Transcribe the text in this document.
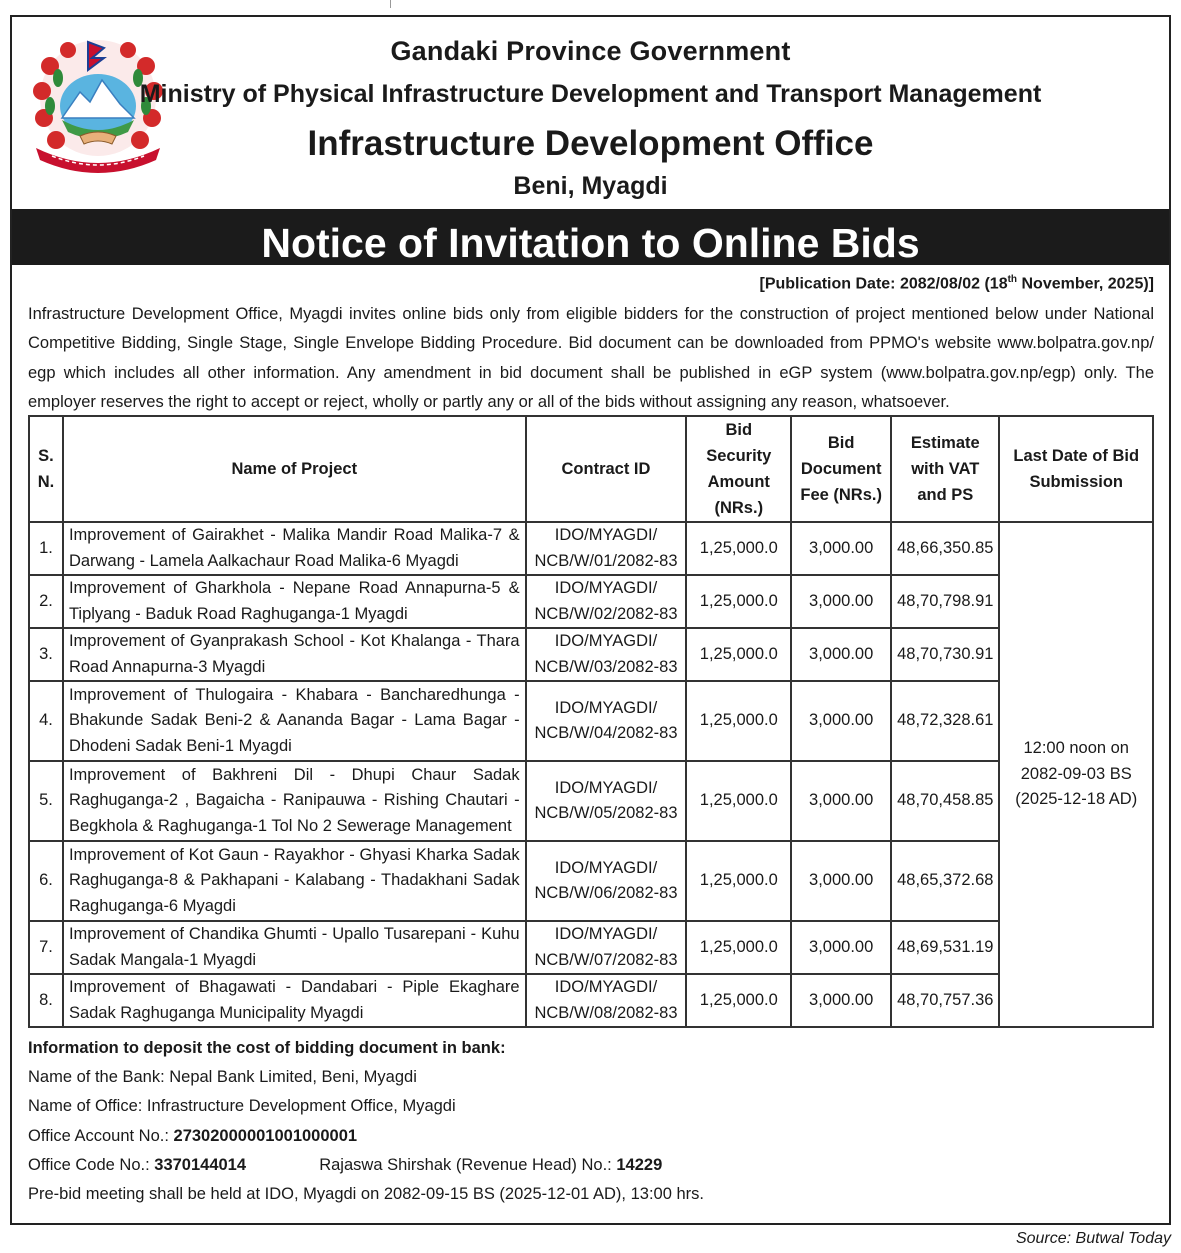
Gandaki Province Government
Ministry of Physical Infrastructure Development and Transport Management
Infrastructure Development Office
Beni, Myagdi
Notice of Invitation to Online Bids
[Publication Date: 2082/08/02 (18th November, 2025)]
Infrastructure Development Office, Myagdi invites online bids only from eligible bidders for the construction of project mentioned below under National Competitive Bidding, Single Stage, Single Envelope Bidding Procedure. Bid document can be downloaded from PPMO's website www.bolpatra.gov.np/ egp which includes all other information. Any amendment in bid document shall be published in eGP system (www.bolpatra.gov.np/egp) only. The employer reserves the right to accept or reject, wholly or partly any or all of the bids without assigning any reason, whatsoever.
S. N.	Name of Project	Contract ID	Bid Security Amount (NRs.)	Bid Document Fee (NRs.)	Estimate with VAT and PS	Last Date of Bid Submission
1.	Improvement of Gairakhet - Malika Mandir Road Malika-7 & Darwang - Lamela Aalkachaur Road Malika-6 Myagdi	IDO/MYAGDI/
NCB/W/01/2082-83	1,25,000.0	3,000.00	48,66,350.85	12:00 noon on
2082-09-03 BS
(2025-12-18 AD)
2.	Improvement of Gharkhola - Nepane Road Annapurna-5 & Tiplyang - Baduk Road Raghuganga-1 Myagdi	IDO/MYAGDI/
NCB/W/02/2082-83	1,25,000.0	3,000.00	48,70,798.91	
3.	Improvement of Gyanprakash School - Kot Khalanga - Thara Road Annapurna-3 Myagdi	IDO/MYAGDI/
NCB/W/03/2082-83	1,25,000.0	3,000.00	48,70,730.91	
4.	Improvement of Thulogaira - Khabara - Bancharedhunga - Bhakunde Sadak Beni-2 & Aananda Bagar - Lama Bagar - Dhodeni Sadak Beni-1 Myagdi	IDO/MYAGDI/
NCB/W/04/2082-83	1,25,000.0	3,000.00	48,72,328.61	
5.	Improvement of Bakhreni Dil - Dhupi Chaur Sadak Raghuganga-2 , Bagaicha - Ranipauwa - Rishing Chautari - Begkhola & Raghuganga-1 Tol No 2 Sewerage Management	IDO/MYAGDI/
NCB/W/05/2082-83	1,25,000.0	3,000.00	48,70,458.85	
6.	Improvement of Kot Gaun - Rayakhor - Ghyasi Kharka Sadak Raghuganga-8 & Pakhapani - Kalabang - Thadakhani Sadak Raghuganga-6 Myagdi	IDO/MYAGDI/
NCB/W/06/2082-83	1,25,000.0	3,000.00	48,65,372.68	
7.	Improvement of Chandika Ghumti - Upallo Tusarepani - Kuhu Sadak Mangala-1 Myagdi	IDO/MYAGDI/
NCB/W/07/2082-83	1,25,000.0	3,000.00	48,69,531.19	
8.	Improvement of Bhagawati - Dandabari - Piple Ekaghare Sadak Raghuganga Municipality Myagdi	IDO/MYAGDI/
NCB/W/08/2082-83	1,25,000.0	3,000.00	48,70,757.36	
Information to deposit the cost of bidding document in bank:
Name of the Bank: Nepal Bank Limited, Beni, Myagdi
Name of Office: Infrastructure Development Office, Myagdi
Office Account No.: 27302000001001000001
Office Code No.: 3370144014	Rajaswa Shirshak (Revenue Head) No.: 14229
Pre-bid meeting shall be held at IDO, Myagdi on 2082-09-15 BS (2025-12-01 AD), 13:00 hrs.
Source: Butwal Today
